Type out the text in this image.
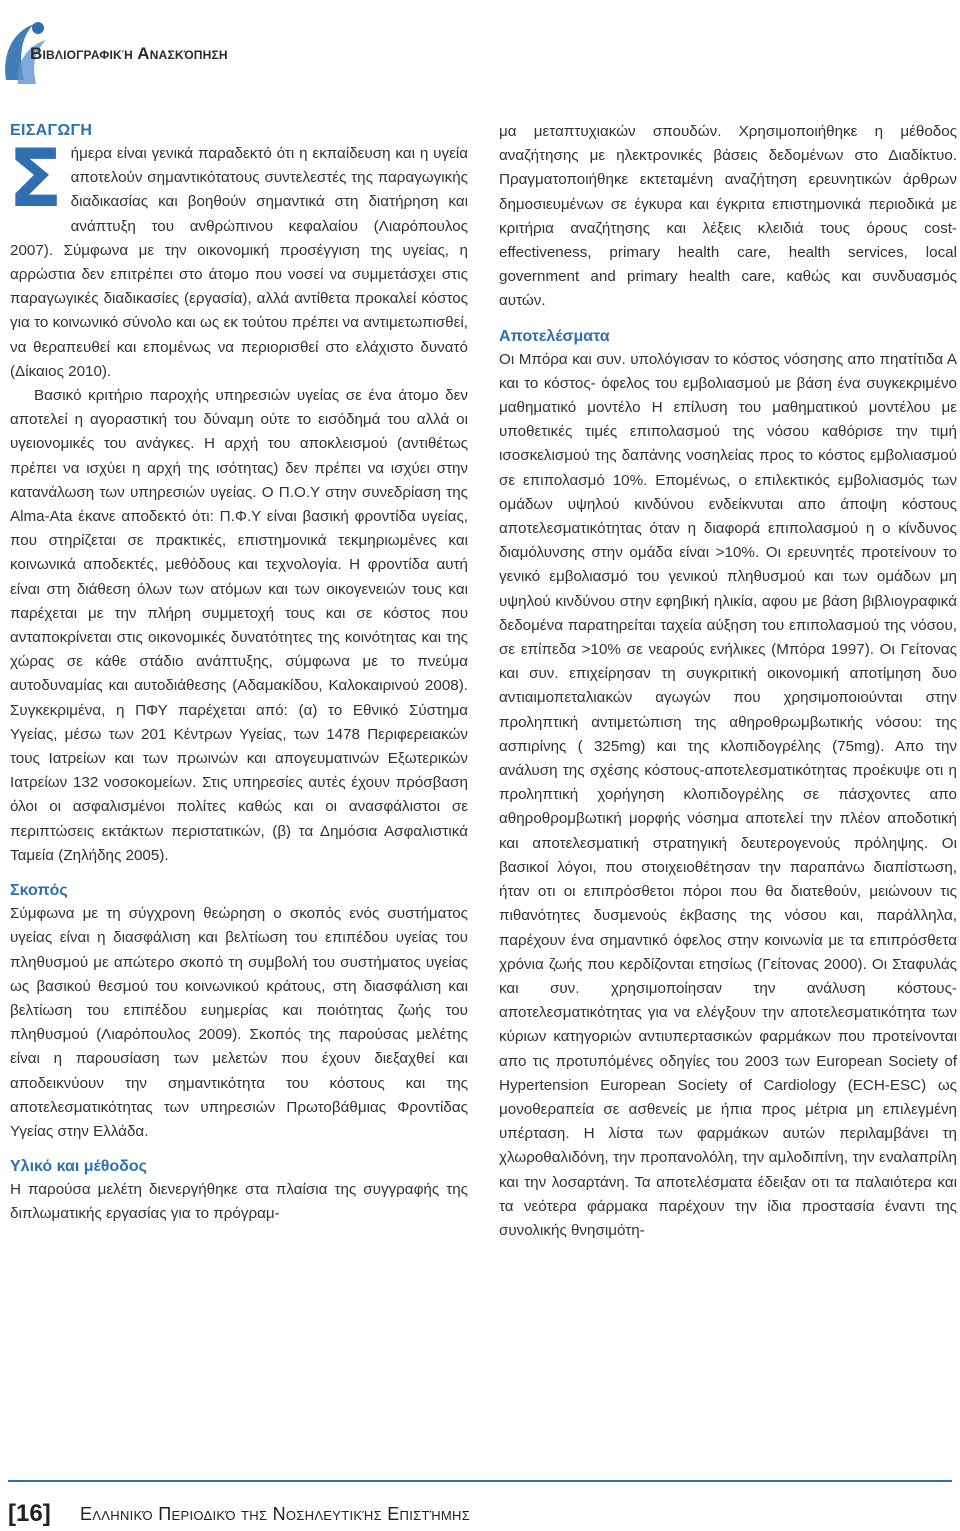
Βιβλιογραφική Ανασκόπηση
ΕΙΣΑΓΩΓΗ

Σήμερα είναι γενικά παραδεκτό ότι η εκπαίδευση και η υγεία αποτελούν σημαντικότατους συντελεστές της παραγωγικής διαδικασίας και βοηθούν σημαντικά στη διατήρηση και ανάπτυξη του ανθρώπινου κεφαλαίου (Λιαρόπουλος 2007). Σύμφωνα με την οικονομική προσέγγιση της υγείας, η αρρώστια δεν επιτρέπει στο άτομο που νοσεί να συμμετάσχει στις παραγωγικές διαδικασίες (εργασία), αλλά αντίθετα προκαλεί κόστος για το κοινωνικό σύνολο και ως εκ τούτου πρέπει να αντιμετωπισθεί, να θεραπευθεί και επομένως να περιορισθεί στο ελάχιστο δυνατό (Δίκαιος 2010).

Βασικό κριτήριο παροχής υπηρεσιών υγείας σε ένα άτομο δεν αποτελεί η αγοραστική του δύναμη ούτε το εισόδημά του αλλά οι υγειονομικές του ανάγκες. Η αρχή του αποκλεισμού (αντιθέτως πρέπει να ισχύει η αρχή της ισότητας) δεν πρέπει να ισχύει στην κατανάλωση των υπηρεσιών υγείας. Ο Π.Ο.Υ στην συνεδρίαση της Alma-Ata έκανε αποδεκτό ότι: Π.Φ.Υ είναι βασική φροντίδα υγείας, που στηρίζεται σε πρακτικές, επιστημονικά τεκμηριωμένες και κοινωνικά αποδεκτές, μεθόδους και τεχνολογία. Η φροντίδα αυτή είναι στη διάθεση όλων των ατόμων και των οικογενειών τους και παρέχεται με την πλήρη συμμετοχή τους και σε κόστος που ανταποκρίνεται στις οικονομικές δυνατότητες της κοινότητας και της χώρας σε κάθε στάδιο ανάπτυξης, σύμφωνα με το πνεύμα αυτοδυναμίας και αυτοδιάθεσης (Αδαμακίδου, Καλοκαιρινού 2008). Συγκεκριμένα, η ΠΦΥ παρέχεται από: (α) το Εθνικό Σύστημα Υγείας, μέσω των 201 Κέντρων Υγείας, των 1478 Περιφερειακών τους Ιατρείων και των πρωινών και απογευματινών Εξωτερικών Ιατρείων 132 νοσοκομείων. Στις υπηρεσίες αυτές έχουν πρόσβαση όλοι οι ασφαλισμένοι πολίτες καθώς και οι ανασφάλιστοι σε περιπτώσεις εκτάκτων περιστατικών, (β) τα Δημόσια Ασφαλιστικά Ταμεία (Ζηλήδης 2005).

Σκοπός

Σύμφωνα με τη σύγχρονη θεώρηση ο σκοπός ενός συστήματος υγείας είναι η διασφάλιση και βελτίωση του επιπέδου υγείας του πληθυσμού με απώτερο σκοπό τη συμβολή του συστήματος υγείας ως βασικού θεσμού του κοινωνικού κράτους, στη διασφάλιση και βελτίωση του επιπέδου ευημερίας και ποιότητας ζωής του πληθυσμού (Λιαρόπουλος 2009). Σκοπός της παρούσας μελέτης είναι η παρουσίαση των μελετών που έχουν διεξαχθεί και αποδεικνύουν την σημαντικότητα του κόστους και της αποτελεσματικότητας των υπηρεσιών Πρωτοβάθμιας Φροντίδας Υγείας στην Ελλάδα.

Υλικό και μέθοδος

Η παρούσα μελέτη διενεργήθηκε στα πλαίσια της συγγραφής της διπλωματικής εργασίας για το πρόγραμ-

μα μεταπτυχιακών σπουδών. Χρησιμοποιήθηκε η μέθοδος αναζήτησης με ηλεκτρονικές βάσεις δεδομένων στο Διαδίκτυο. Πραγματοποιήθηκε εκτεταμένη αναζήτηση ερευνητικών άρθρων δημοσιευμένων σε έγκυρα και έγκριτα επιστημονικά περιοδικά με κριτήρια αναζήτησης και λέξεις κλειδιά τους όρους cost-effectiveness, primary health care, health services, local government and primary health care, καθώς και συνδυασμός αυτών.

Αποτελέσματα

Οι Μπόρα και συν. υπολόγισαν το κόστος νόσησης απο πηατίτιδα Α και το κόστος- όφελος του εμβολιασμού με βάση ένα συγκεκριμένο μαθηματικό μοντέλο Η επίλυση του μαθηματικού μοντέλου με υποθετικές τιμές επιπολασμού της νόσου καθόρισε την τιμή ισοσκελισμού της δαπάνης νοσηλείας προς το κόστος εμβολιασμού σε επιπολασμό 10%. Επομένως, ο επιλεκτικός εμβολιασμός των ομάδων υψηλού κινδύνου ενδείκνυται απο άποψη κόστους αποτελεσματικότητας όταν η διαφορά επιπολασμού η ο κίνδυνος διαμόλυνσης στην ομάδα είναι >10%. Οι ερευνητές προτείνουν το γενικό εμβολιασμό του γενικού πληθυσμού και των ομάδων μη υψηλού κινδύνου στην εφηβική ηλικία, αφου με βάση βιβλιογραφικά δεδομένα παρατηρείται ταχεία αύξηση του επιπολασμού της νόσου, σε επίπεδα >10% σε νεαρούς ενήλικες (Μπόρα 1997). Οι Γείτονας και συν. επιχείρησαν τη συγκριτική οικονομική αποτίμηση δυο αντιαιμοπεταλιακών αγωγών που χρησιμοποιούνται στην προληπτική αντιμετώπιση της αθηροθρωμβωτικής νόσου: της ασπιρίνης ( 325mg) και της κλοπιδογρέλης (75mg). Απο την ανάλυση της σχέσης κόστους-αποτελεσματικότητας προέκυψε οτι η προληπτική χορήγηση κλοπιδογρέλης σε πάσχοντες απο αθηροθρομβωτική μορφής νόσημα αποτελεί την πλέον αποδοτική και αποτελεσματική στρατηγική δευτερογενούς πρόληψης. Οι βασικοί λόγοι, που στοιχειοθέτησαν την παραπάνω διαπίστωση, ήταν οτι οι επιπρόσθετοι πόροι που θα διατεθούν, μειώνουν τις πιθανότητες δυσμενούς έκβασης της νόσου και, παράλληλα, παρέχουν ένα σημαντικό όφελος στην κοινωνία με τα επιπρόσθετα χρόνια ζωής που κερδίζονται ετησίως (Γείτονας 2000). Οι Σταφυλάς και συν. χρησιμοποίησαν την ανάλυση κόστους-αποτελεσματικότητας για να ελέγξουν την αποτελεσματικότητα των κύριων κατηγοριών αντιυπερτασικών φαρμάκων που προτείνονται απο τις προτυπόμένες οδηγίες του 2003 των European Society of Hypertension European Society of Cardiology (ECH-ESC) ως μονοθεραπεία σε ασθενείς με ήπια προς μέτρια μη επιλεγμένη υπέρταση. Η λίστα των φαρμάκων αυτών περιλαμβάνει τη χλωροθαλιδόνη, την προπανολόλη, την αμλοδιπίνη, την εναλαπρίλη και την λοσαρτάνη. Τα αποτελέσματα έδειξαν οτι τα παλαιότερα και τα νεότερα φάρμακα παρέχουν την ίδια προστασία έναντι της συνολικής θνησιμότη-

[16] Ελληνικό Περιοδικό της Νοσηλευτικής Επιστήμης
